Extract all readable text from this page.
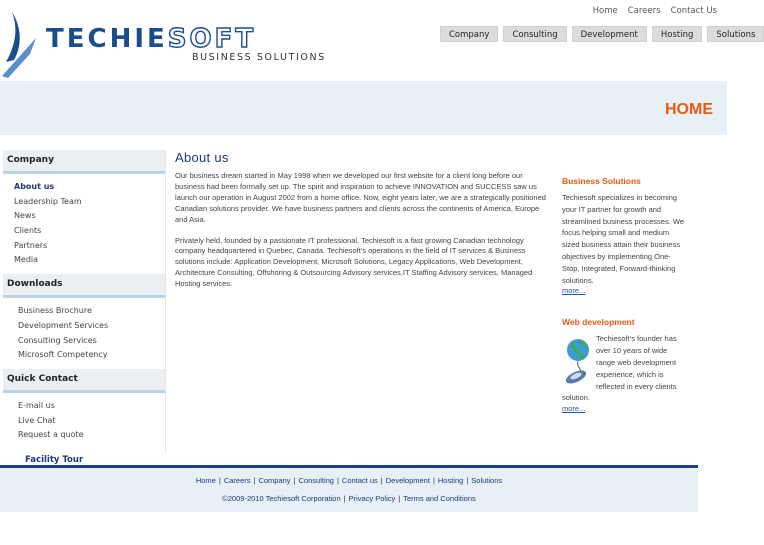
TECHIESOFT
BUSINESS SOLUTIONS
Home Careers Contact Us
Company	Consulting	Development	Hosting	Solutions
HOME
Company
About us
Leadership Team
News
Clients
Partners
Media
Downloads
Business Brochure
Development Services
Consulting Services
Microsoft Competency
Quick Contact
E-mail us
Live Chat
Request a quote
Facility Tour
About us

Our business dream started in May 1998 when we developed our first website for a client long before our business had been formally set up. The spirit and inspiration to achieve INNOVATION and SUCCESS saw us launch our operation in August 2002 from a home office. Now, eight years later, we are a strategically positioned Canadian solutions provider. We have business partners and clients across the continents of America, Europe and Asia.

Privately held, founded by a passionate IT professional, Techiesoft is a fast growing Canadian technology company headquartered in Quebec, Canada. Techiesoft's operations in the field of IT services & Business solutions include: Application Development, Microsoft Solutions, Legacy Applications, Web Development, Architecture Consulting, Offshoring & Outsourcing Advisory services,IT Staffing Advisory services, Managed Hosting services.

Business Solutions
Techiesoft specializes in becoming your IT partner for growth and streamlined business processes. We focus helping small and medium sized business attain their business objectives by implementing One-Stop, Integrated, Forward-thinking solutions.
more...
Web development
Techiesoft's founder has over 10 years of wide range web development experience, which is reflected in every clients solution.
more...
Home | Careers | Company | Consulting | Contact us | Development | Hosting | Solutions
©2009-2010 Techiesoft Corporation | Privacy Policy | Terms and Conditions
